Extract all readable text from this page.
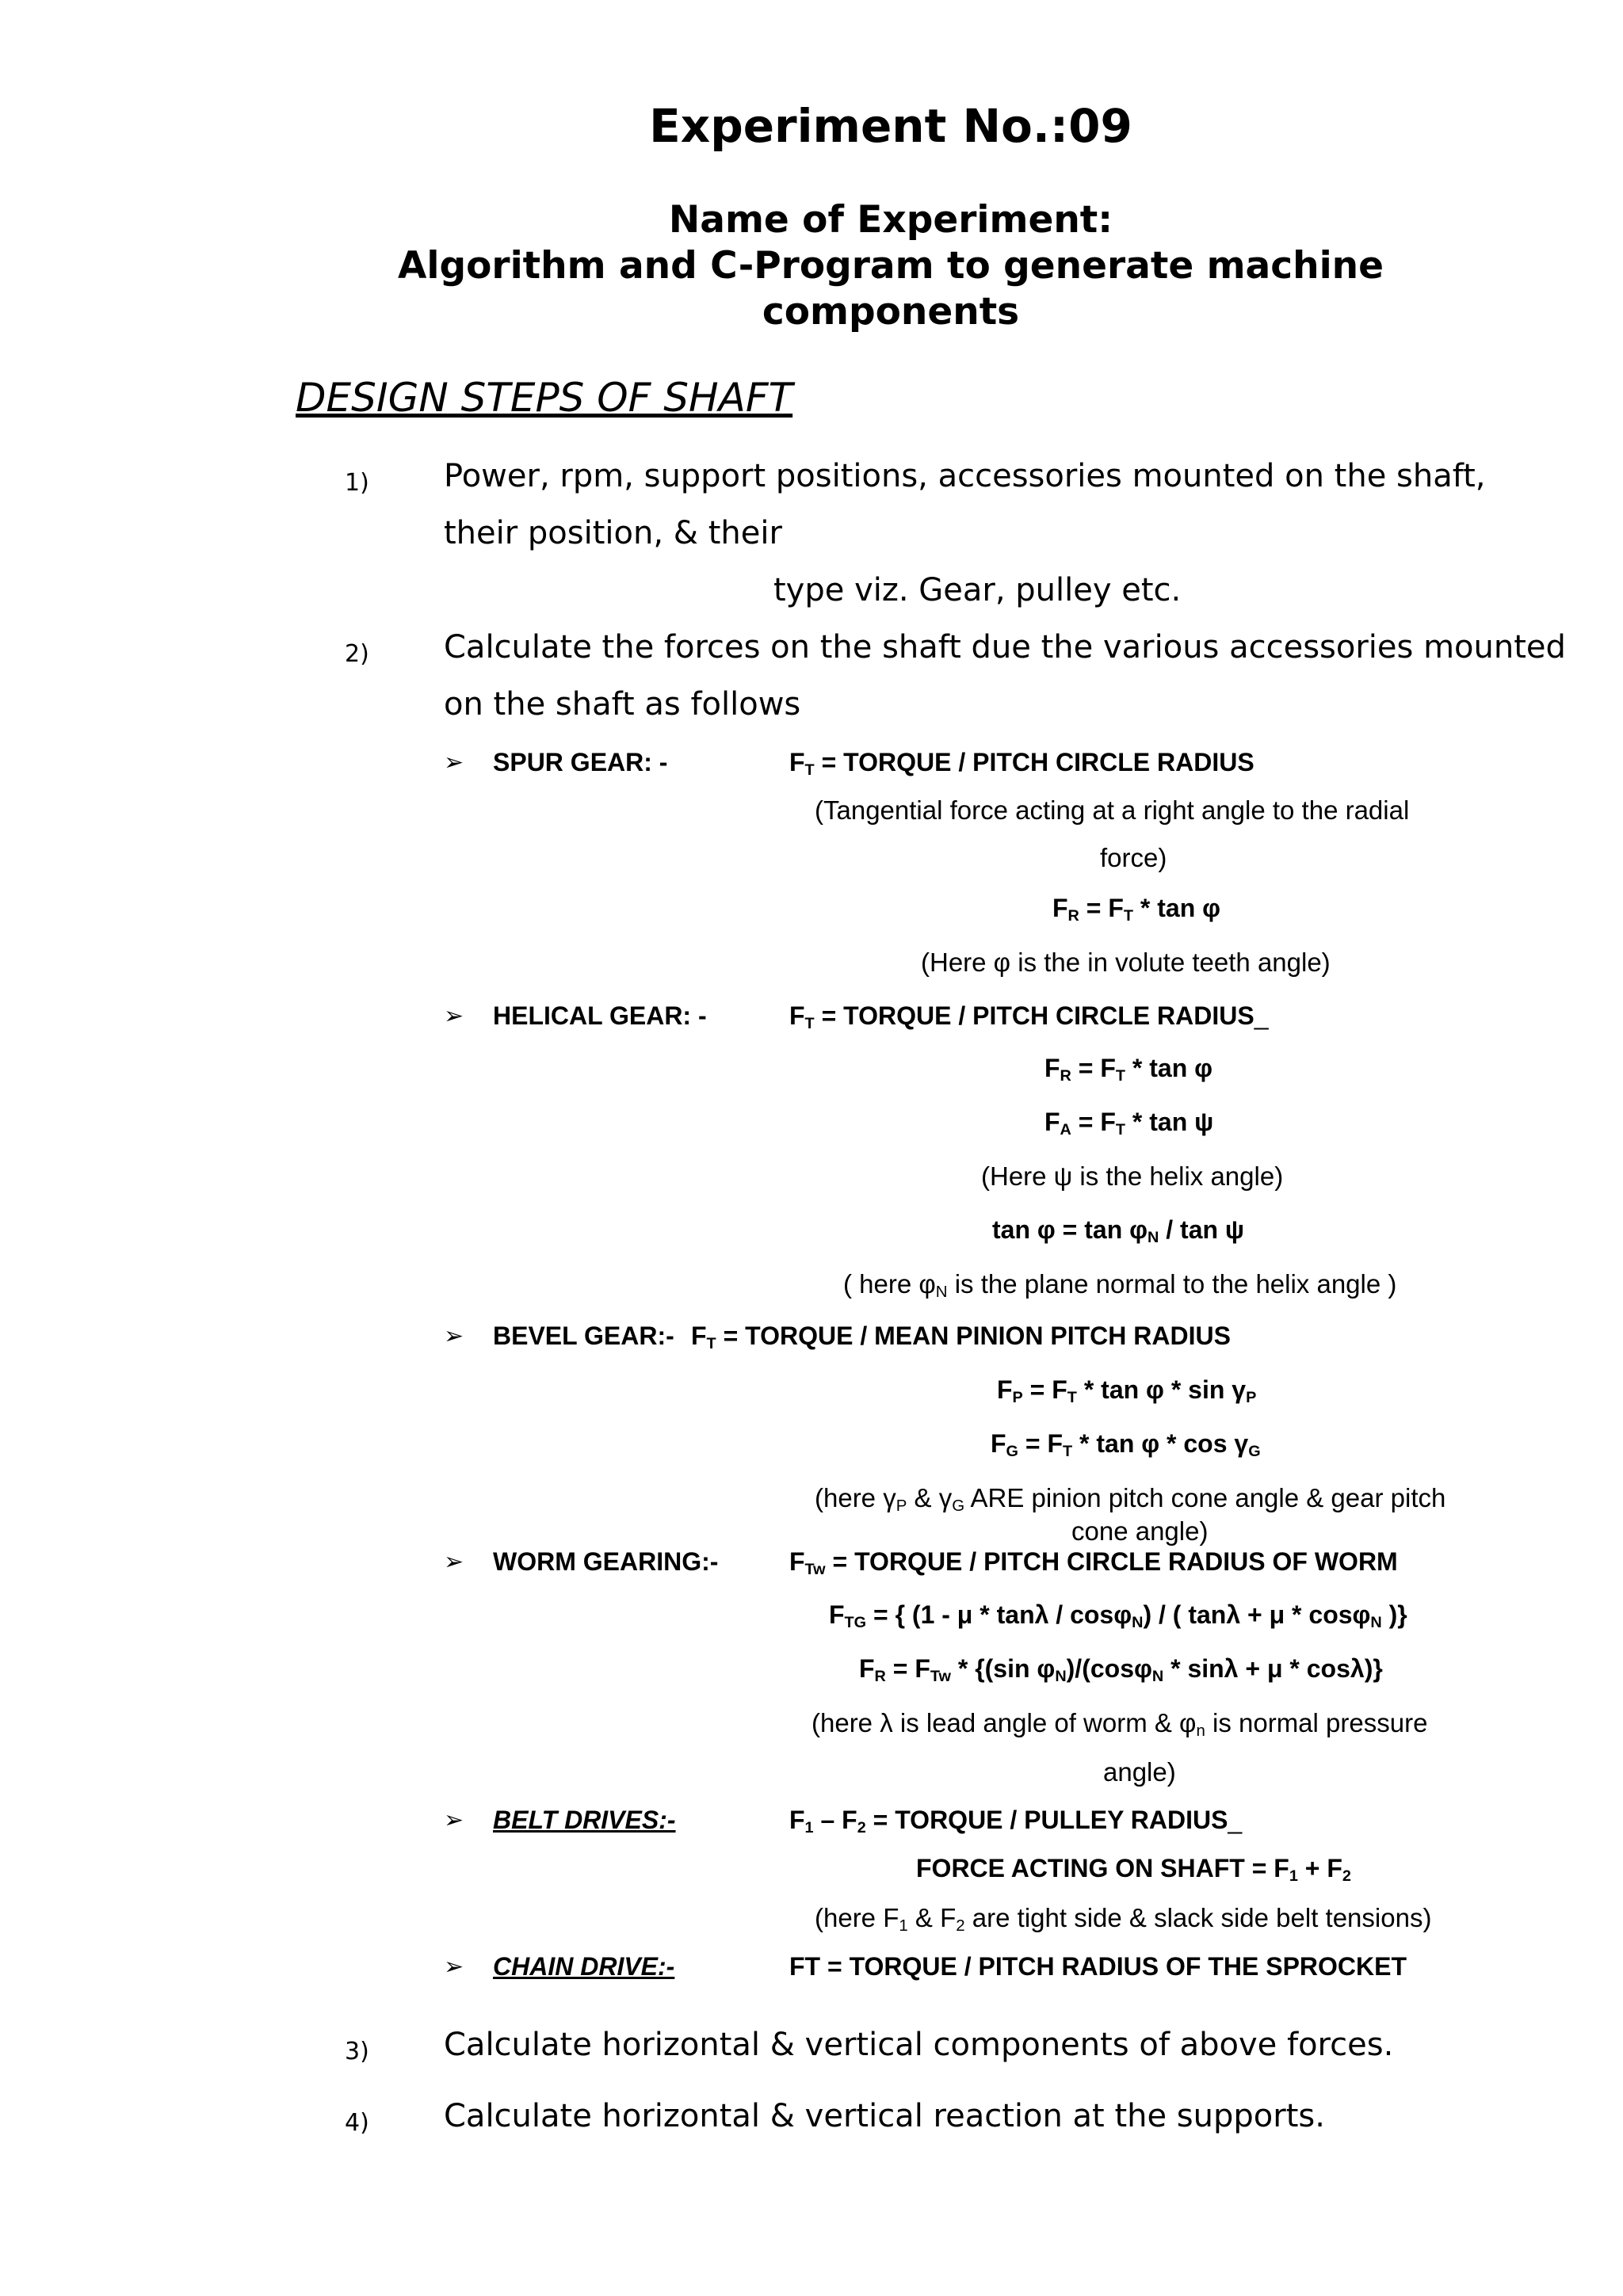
Experiment No.:09
Name of Experiment:
Algorithm and C-Program to generate machine
components
DESIGN STEPS OF SHAFT
1) Power, rpm, support positions, accessories mounted on the shaft,
their position, & their
type viz. Gear, pulley etc.
2) Calculate the forces on the shaft due the various accessories mounted
on the shaft as follows
➢ SPUR GEAR: -	$F_T$ = TORQUE / PITCH CIRCLE RADIUS
(Tangential force acting at a right angle to the radial
force)
$F_R = F_T * \tan \varphi$
(Here φ is the in volute teeth angle)
➢ HELICAL GEAR: -	$F_T$ = TORQUE / PITCH CIRCLE RADIUS_
$F_R = F_T * \tan \varphi$
$F_A = F_T * \tan \psi$
(Here ψ is the helix angle)
$\tan \varphi = \tan \varphi_N / \tan \psi$
( here $\varphi_N$ is the plane normal to the helix angle )
➢ BEVEL GEAR:- $F_T$ = TORQUE / MEAN PINION PITCH RADIUS
$F_P = F_T * \tan \varphi * \sin \gamma_P$
$F_G = F_T * \tan \varphi * \cos \gamma_G$
(here $\gamma_P$ & $\gamma_G$ ARE pinion pitch cone angle & gear pitch
cone angle)
➢ WORM GEARING:-	$F_{Tw}$ = TORQUE / PITCH CIRCLE RADIUS OF WORM
$F_{TG}$ = { (1 - μ * tanλ / cosφ$_N$) / ( tanλ + μ * cosφ$_N$ )}
$F_R = F_{Tw} * \{(\sin$ $\varphi_N)/(\cos\varphi_N * \sin\lambda + \mu * \cos\lambda)$}
(here λ is lead angle of worm & $\varphi_n$ is normal pressure
angle)
➢ BELT DRIVES:-	$F_1 - F_2$ = TORQUE / PULLEY RADIUS_
FORCE ACTING ON SHAFT = $F_1 + F_2$
(here $F_1$ & $F_2$ are tight side & slack side belt tensions)
➢ CHAIN DRIVE:-	FT = TORQUE / PITCH RADIUS OF THE SPROCKET
3) Calculate horizontal & vertical components of above forces.
4) Calculate horizontal & vertical reaction at the supports.
